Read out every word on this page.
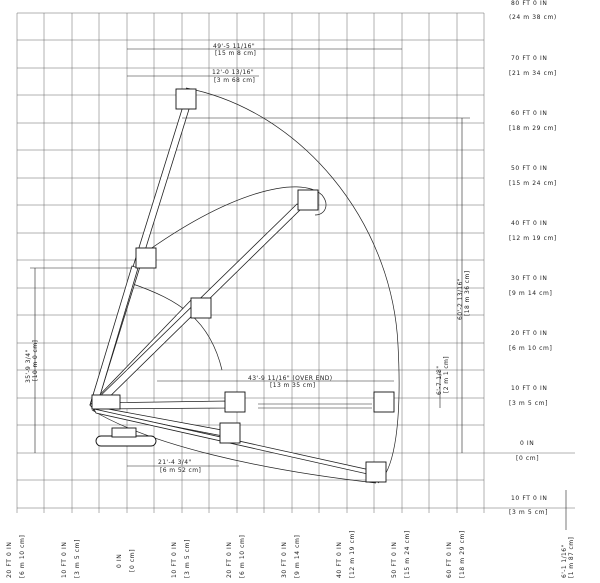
49'-5 11/16"
[15 m 8 cm]
12'-0 13/16"
[3 m 68 cm]
43'-9 11/16" (OVER END)
[13 m 35 cm]
21'-4 3/4"
[6 m 52 cm]
60'-2 13/16" [18 m 36 cm]
35'-9 3/4" [10 m 0 cm]	6'-7 1/8" [2 m 1 cm]
6'-1 1/16" [1 m 87 cm]
80 FT 0 IN
(24 m 38 cm)
70 FT 0 IN
[21 m 34 cm]
60 FT 0 IN
[18 m 29 cm]
50 FT 0 IN
[15 m 24 cm]
40 FT 0 IN
[12 m 19 cm]
30 FT 0 IN
[9 m 14 cm]
20 FT 0 IN
[6 m 10 cm]
10 FT 0 IN
[3 m 5 cm]
0 IN
[0 cm]
10 FT 0 IN
[3 m 5 cm]
20 FT 0 IN [6 m 10 cm]	10 FT 0 IN [3 m 5 cm]	0 IN [0 cm]	10 FT 0 IN [3 m 5 cm]	20 FT 0 IN [6 m 10 cm]	30 FT 0 IN [9 m 14 cm]	40 FT 0 IN [12 m 19 cm]	50 FT 0 IN [15 m 24 cm]	60 FT 0 IN [18 m 29 cm]
